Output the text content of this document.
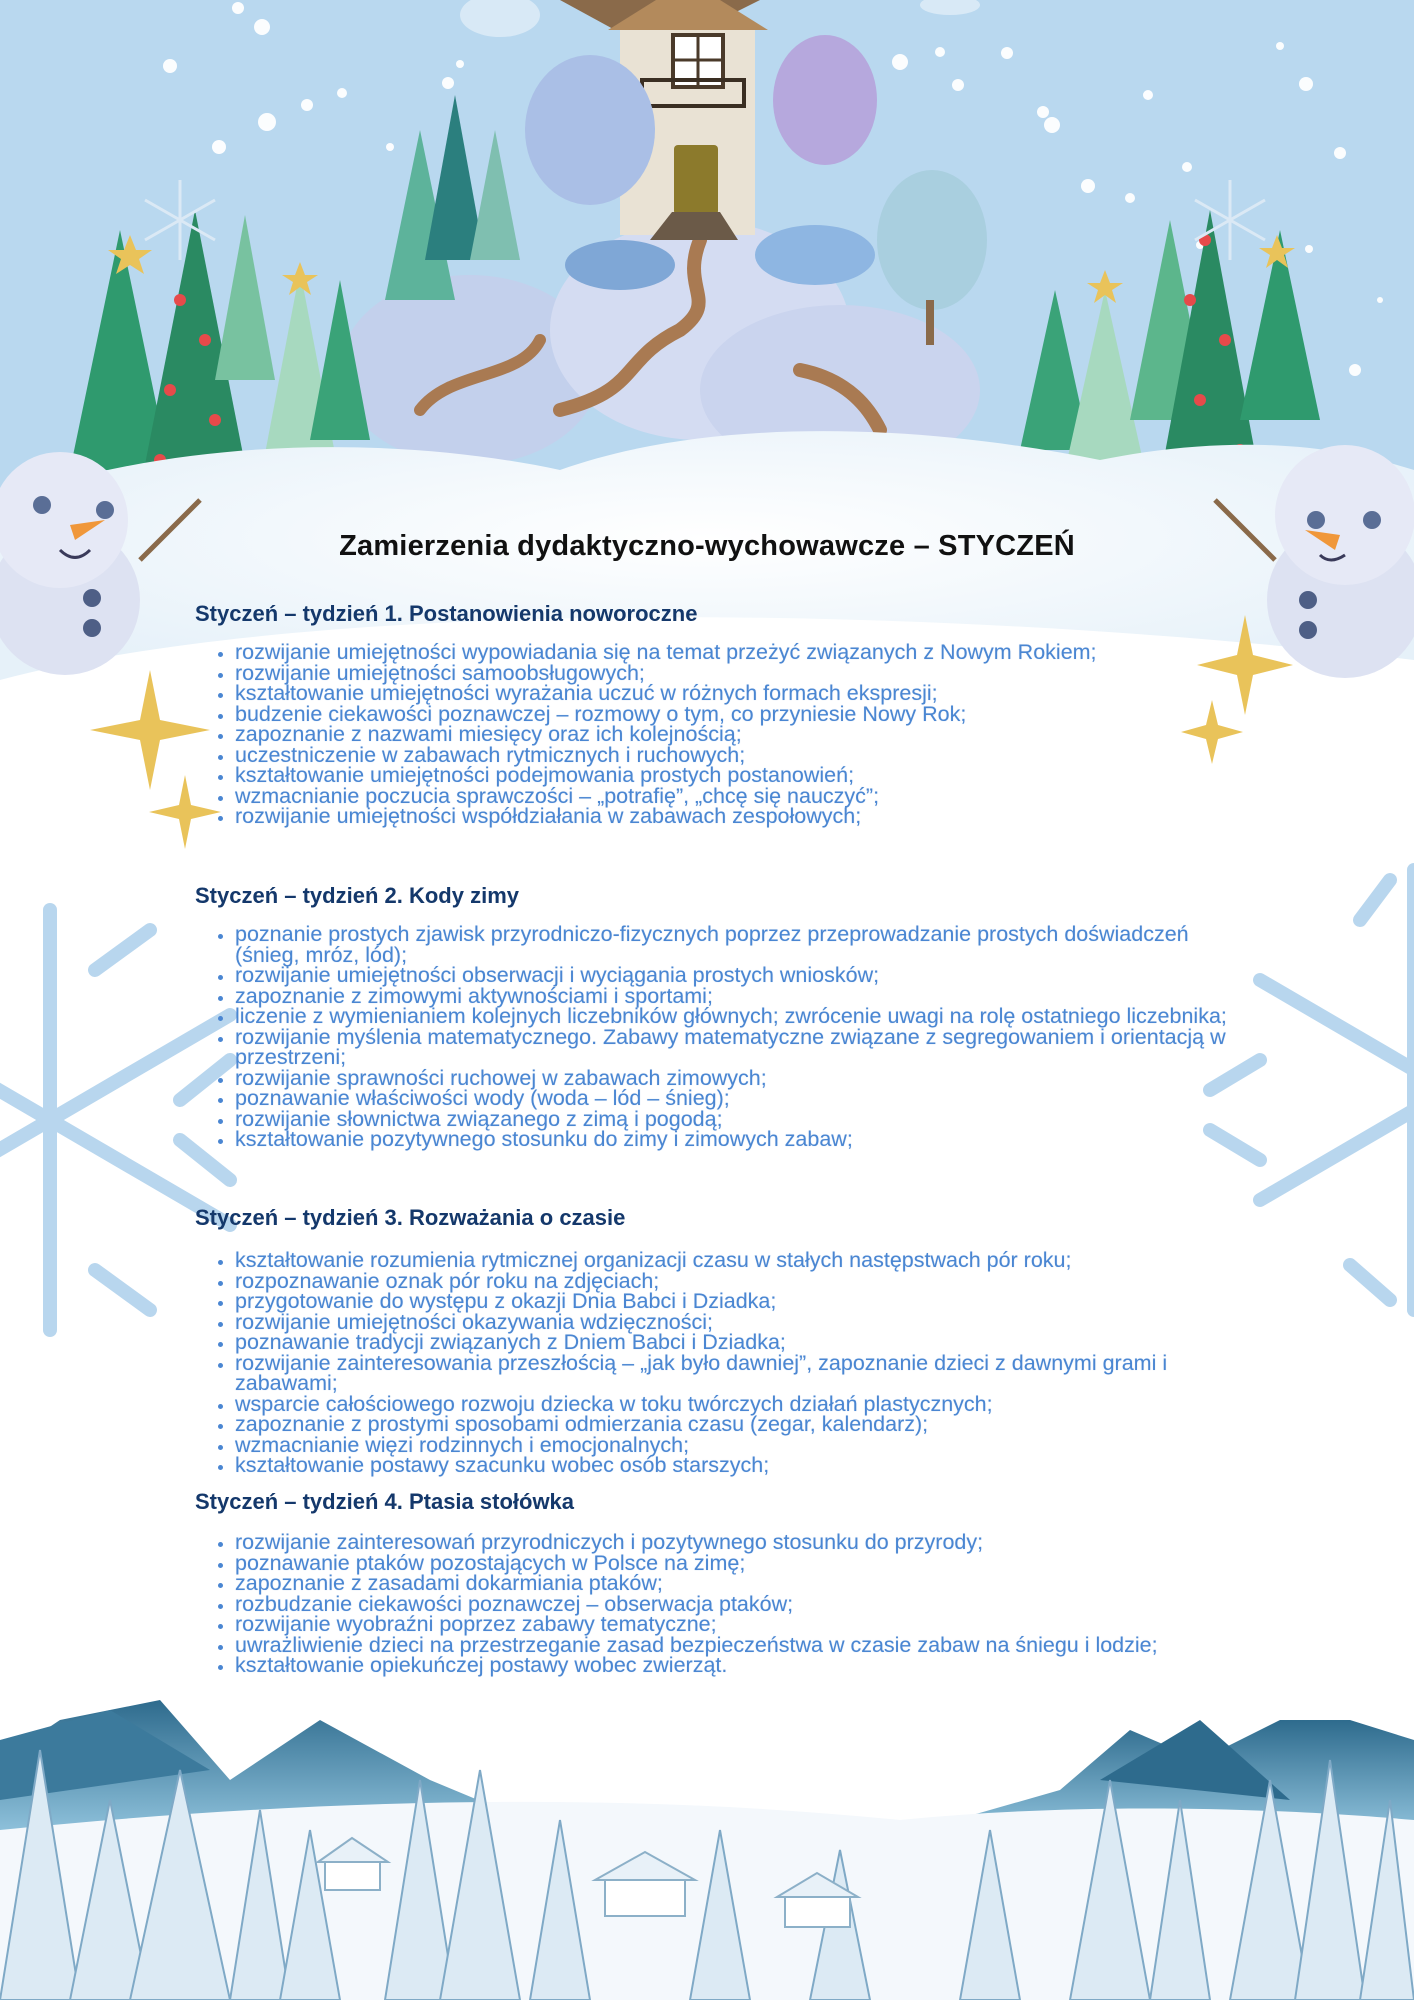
Zamierzenia dydaktyczno-wychowawcze – STYCZEŃ
Styczeń – tydzień 1. Postanowienia noworoczne
• rozwijanie umiejętności wypowiadania się na temat przeżyć związanych z Nowym Rokiem;
• rozwijanie umiejętności samoobsługowych;
• kształtowanie umiejętności wyrażania uczuć w różnych formach ekspresji;
• budzenie ciekawości poznawczej – rozmowy o tym, co przyniesie Nowy Rok;
• zapoznanie z nazwami miesięcy oraz ich kolejnością;
• uczestniczenie w zabawach rytmicznych i ruchowych;
• kształtowanie umiejętności podejmowania prostych postanowień;
• wzmacnianie poczucia sprawczości – „potrafię”, „chcę się nauczyć”;
• rozwijanie umiejętności współdziałania w zabawach zespołowych;
Styczeń – tydzień 2. Kody zimy
• poznanie prostych zjawisk przyrodniczo-fizycznych poprzez przeprowadzanie prostych doświadczeń (śnieg, mróz, lód);
• rozwijanie umiejętności obserwacji i wyciągania prostych wniosków;
• zapoznanie z zimowymi aktywnościami i sportami;
• liczenie z wymienianiem kolejnych liczebników głównych; zwrócenie uwagi na rolę ostatniego liczebnika;
• rozwijanie myślenia matematycznego. Zabawy matematyczne związane z segregowaniem i orientacją w przestrzeni;
• rozwijanie sprawności ruchowej w zabawach zimowych;
• poznawanie właściwości wody (woda – lód – śnieg);
• rozwijanie słownictwa związanego z zimą i pogodą;
• kształtowanie pozytywnego stosunku do zimy i zimowych zabaw;
Styczeń – tydzień 3. Rozważania o czasie
• kształtowanie rozumienia rytmicznej organizacji czasu w stałych następstwach pór roku;
• rozpoznawanie oznak pór roku na zdjęciach;
• przygotowanie do występu z okazji Dnia Babci i Dziadka;
• rozwijanie umiejętności okazywania wdzięczności;
• poznawanie tradycji związanych z Dniem Babci i Dziadka;
• rozwijanie zainteresowania przeszłością – „jak było dawniej”, zapoznanie dzieci z dawnymi grami i zabawami;
• wsparcie całościowego rozwoju dziecka w toku twórczych działań plastycznych;
• zapoznanie z prostymi sposobami odmierzania czasu (zegar, kalendarz);
• wzmacnianie więzi rodzinnych i emocjonalnych;
• kształtowanie postawy szacunku wobec osób starszych;
Styczeń – tydzień 4. Ptasia stołówka
• rozwijanie zainteresowań przyrodniczych i pozytywnego stosunku do przyrody;
• poznawanie ptaków pozostających w Polsce na zimę;
• zapoznanie z zasadami dokarmiania ptaków;
• rozbudzanie ciekawości poznawczej – obserwacja ptaków;
• rozwijanie wyobraźni poprzez zabawy tematyczne;
• uwrażliwienie dzieci na przestrzeganie zasad bezpieczeństwa w czasie zabaw na śniegu i lodzie;
• kształtowanie opiekuńczej postawy wobec zwierząt.
